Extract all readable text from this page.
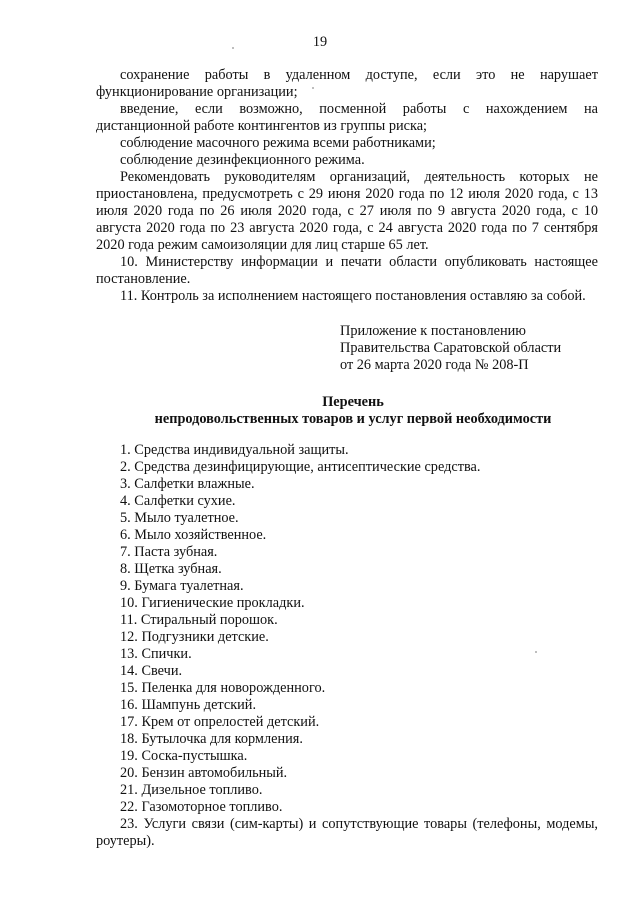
19

сохранение работы в удаленном доступе, если это не нарушает функционирование организации;

введение, если возможно, посменной работы с нахождением на дистанционной работе контингентов из группы риска;

соблюдение масочного режима всеми работниками;

соблюдение дезинфекционного режима.

Рекомендовать руководителям организаций, деятельность которых не приостановлена, предусмотреть с 29 июня 2020 года по 12 июля 2020 года, с 13 июля 2020 года по 26 июля 2020 года, с 27 июля по 9 августа 2020 года, с 10 августа 2020 года по 23 августа 2020 года, с 24 августа 2020 года по 7 сентября 2020 года режим самоизоляции для лиц старше 65 лет.

10. Министерству информации и печати области опубликовать настоящее постановление.

11. Контроль за исполнением настоящего постановления оставляю за собой.

Приложение к постановлению
Правительства Саратовской области
от 26 марта 2020 года № 208-П
Перечень
непродовольственных товаров и услуг первой необходимости
1. Средства индивидуальной защиты.
2. Средства дезинфицирующие, антисептические средства.
3. Салфетки влажные.
4. Салфетки сухие.
5. Мыло туалетное.
6. Мыло хозяйственное.
7. Паста зубная.
8. Щетка зубная.
9. Бумага туалетная.
10. Гигиенические прокладки.
11. Стиральный порошок.
12. Подгузники детские.
13. Спички.
14. Свечи.
15. Пеленка для новорожденного.
16. Шампунь детский.
17. Крем от опрелостей детский.
18. Бутылочка для кормления.
19. Соска-пустышка.
20. Бензин автомобильный.
21. Дизельное топливо.
22. Газомоторное топливо.
23. Услуги связи (сим-карты) и сопутствующие товары (телефоны, модемы, роутеры).
